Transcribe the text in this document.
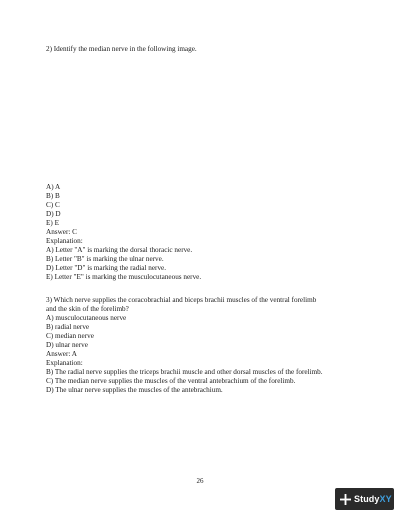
2) Identify the median nerve in the following image.
A) A
B) B
C) C
D) D
E) E
Answer: C
Explanation:
A) Letter "A" is marking the dorsal thoracic nerve.
B) Letter "B" is marking the ulnar nerve.
D) Letter "D" is marking the radial nerve.
E) Letter "E" is marking the musculocutaneous nerve.
3) Which nerve supplies the coracobrachial and biceps brachii muscles of the ventral forelimb
and the skin of the forelimb?
A) musculocutaneous nerve
B) radial nerve
C) median nerve
D) ulnar nerve
Answer: A
Explanation:
B) The radial nerve supplies the triceps brachii muscle and other dorsal muscles of the forelimb.
C) The median nerve supplies the muscles of the ventral antebrachium of the forelimb.
D) The ulnar nerve supplies the muscles of the antebrachium.
26
StudyXY
